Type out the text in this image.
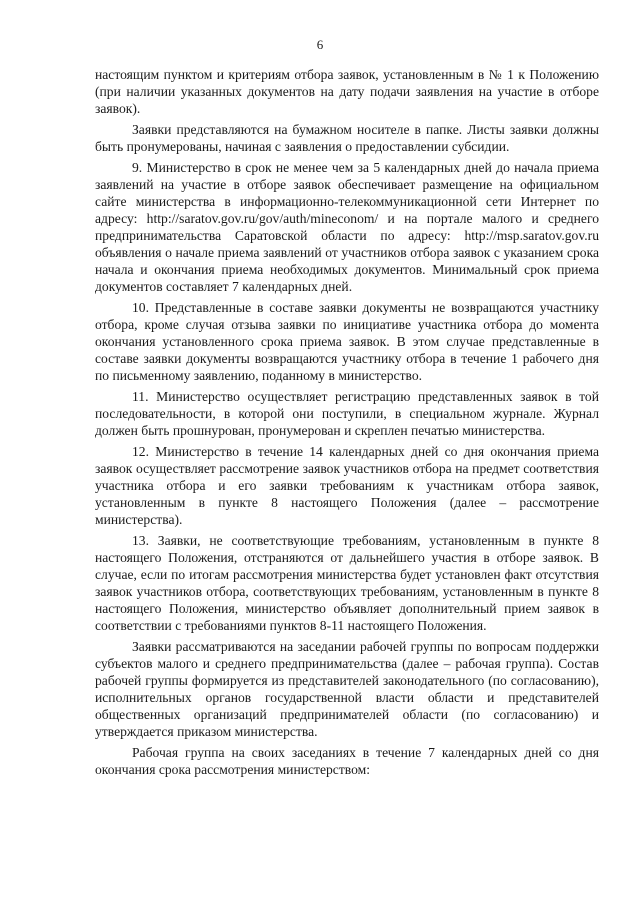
6

настоящим пунктом и критериям отбора заявок, установленным в № 1 к Положению (при наличии указанных документов на дату подачи заявления на участие в отборе заявок).

Заявки представляются на бумажном носителе в папке. Листы заявки должны быть пронумерованы, начиная с заявления о предоставлении субсидии.

9. Министерство в срок не менее чем за 5 календарных дней до начала приема заявлений на участие в отборе заявок обеспечивает размещение на официальном сайте министерства в информационно-телекоммуникационной сети Интернет по адресу: http://saratov.gov.ru/gov/auth/mineconom/ и на портале малого и среднего предпринимательства Саратовской области по адресу: http://msp.saratov.gov.ru объявления о начале приема заявлений от участников отбора заявок с указанием срока начала и окончания приема необходимых документов. Минимальный срок приема документов составляет 7 календарных дней.

10. Представленные в составе заявки документы не возвращаются участнику отбора, кроме случая отзыва заявки по инициативе участника отбора до момента окончания установленного срока приема заявок. В этом случае представленные в составе заявки документы возвращаются участнику отбора в течение 1 рабочего дня по письменному заявлению, поданному в министерство.

11. Министерство осуществляет регистрацию представленных заявок в той последовательности, в которой они поступили, в специальном журнале. Журнал должен быть прошнурован, пронумерован и скреплен печатью министерства.

12. Министерство в течение 14 календарных дней со дня окончания приема заявок осуществляет рассмотрение заявок участников отбора на предмет соответствия участника отбора и его заявки требованиям к участникам отбора заявок, установленным в пункте 8 настоящего Положения (далее – рассмотрение министерства).

13. Заявки, не соответствующие требованиям, установленным в пункте 8 настоящего Положения, отстраняются от дальнейшего участия в отборе заявок. В случае, если по итогам рассмотрения министерства будет установлен факт отсутствия заявок участников отбора, соответствующих требованиям, установленным в пункте 8 настоящего Положения, министерство объявляет дополнительный прием заявок в соответствии с требованиями пунктов 8-11 настоящего Положения.

Заявки рассматриваются на заседании рабочей группы по вопросам поддержки субъектов малого и среднего предпринимательства (далее – рабочая группа). Состав рабочей группы формируется из представителей законодательного (по согласованию), исполнительных органов государственной власти области и представителей общественных организаций предпринимателей области (по согласованию) и утверждается приказом министерства.

Рабочая группа на своих заседаниях в течение 7 календарных дней со дня окончания срока рассмотрения министерством:
